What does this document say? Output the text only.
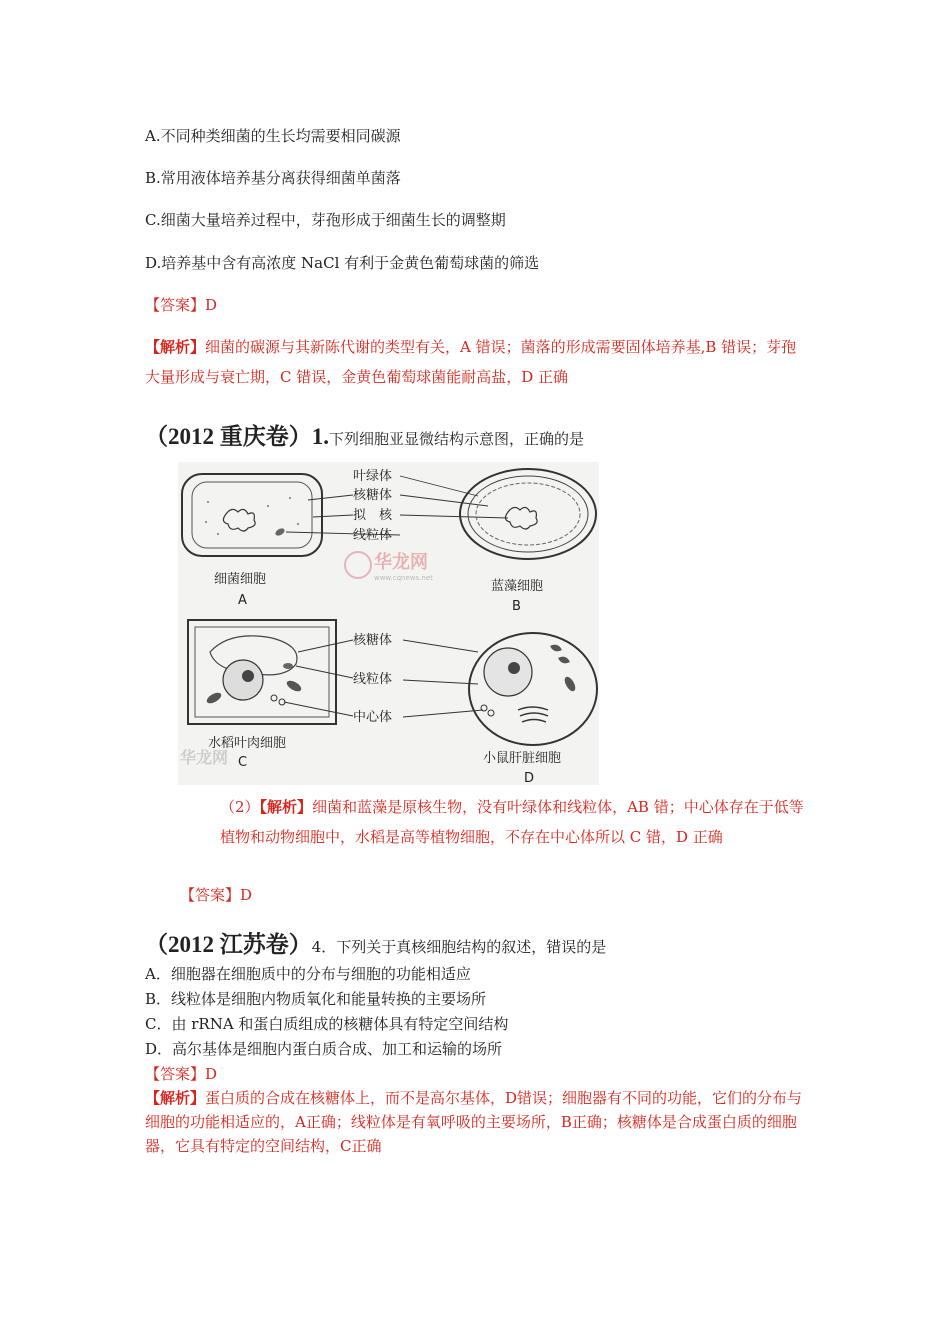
A.不同种类细菌的生长均需要相同碳源
B.常用液体培养基分离获得细菌单菌落
C.细菌大量培养过程中，芽孢形成于细菌生长的调整期
D.培养基中含有高浓度 NaCl 有利于金黄色葡萄球菌的筛选
【答案】D
【解析】细菌的碳源与其新陈代谢的类型有关，A 错误；菌落的形成需要固体培养基,B 错误；芽孢大量形成与衰亡期，C 错误，金黄色葡萄球菌能耐高盐，D 正确
（2012 重庆卷）1.下列细胞亚显微结构示意图，正确的是
细菌细胞
A
叶绿体
核糖体
拟　核
线粒体
蓝藻细胞
B
华龙网
www.cqnews.net
水稻叶肉细胞
C
华龙网
核糖体
线粒体
中心体
小鼠肝脏细胞
D
（2）【解析】细菌和蓝藻是原核生物，没有叶绿体和线粒体，AB 错；中心体存在于低等植物和动物细胞中，水稻是高等植物细胞，不存在中心体所以 C 错，D 正确
【答案】D
（2012 江苏卷）4．下列关于真核细胞结构的叙述，错误的是
A．细胞器在细胞质中的分布与细胞的功能相适应
B．线粒体是细胞内物质氧化和能量转换的主要场所
C．由 rRNA 和蛋白质组成的核糖体具有特定空间结构
D．高尔基体是细胞内蛋白质合成、加工和运输的场所
【答案】D
【解析】蛋白质的合成在核糖体上，而不是高尔基体，D错误；细胞器有不同的功能，它们的分布与细胞的功能相适应的，A正确；线粒体是有氧呼吸的主要场所，B正确；核糖体是合成蛋白质的细胞器，它具有特定的空间结构，C正确
